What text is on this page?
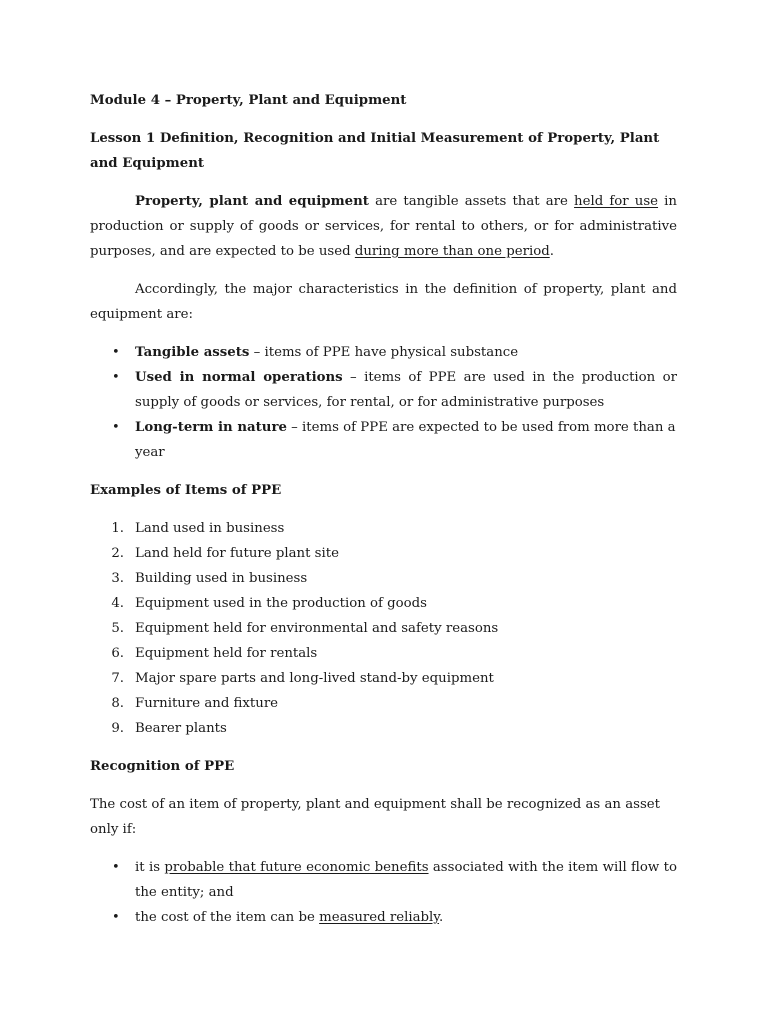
Module 4 – Property, Plant and Equipment

Lesson 1 Definition, Recognition and Initial Measurement of Property, Plant and Equipment

Property, plant and equipment are tangible assets that are held for use in production or supply of goods or services, for rental to others, or for administrative purposes, and are expected to be used during more than one period.

Accordingly, the major characteristics in the definition of property, plant and equipment are:

• Tangible assets – items of PPE have physical substance
• Used in normal operations – items of PPE are used in the production or supply of goods or services, for rental, or for administrative purposes
• Long-term in nature – items of PPE are expected to be used from more than a year

Examples of Items of PPE

1. Land used in business
2. Land held for future plant site
3. Building used in business
4. Equipment used in the production of goods
5. Equipment held for environmental and safety reasons
6. Equipment held for rentals
7. Major spare parts and long-lived stand-by equipment
8. Furniture and fixture
9. Bearer plants

Recognition of PPE

The cost of an item of property, plant and equipment shall be recognized as an asset only if:

• it is probable that future economic benefits associated with the item will flow to the entity; and
• the cost of the item can be measured reliably.
